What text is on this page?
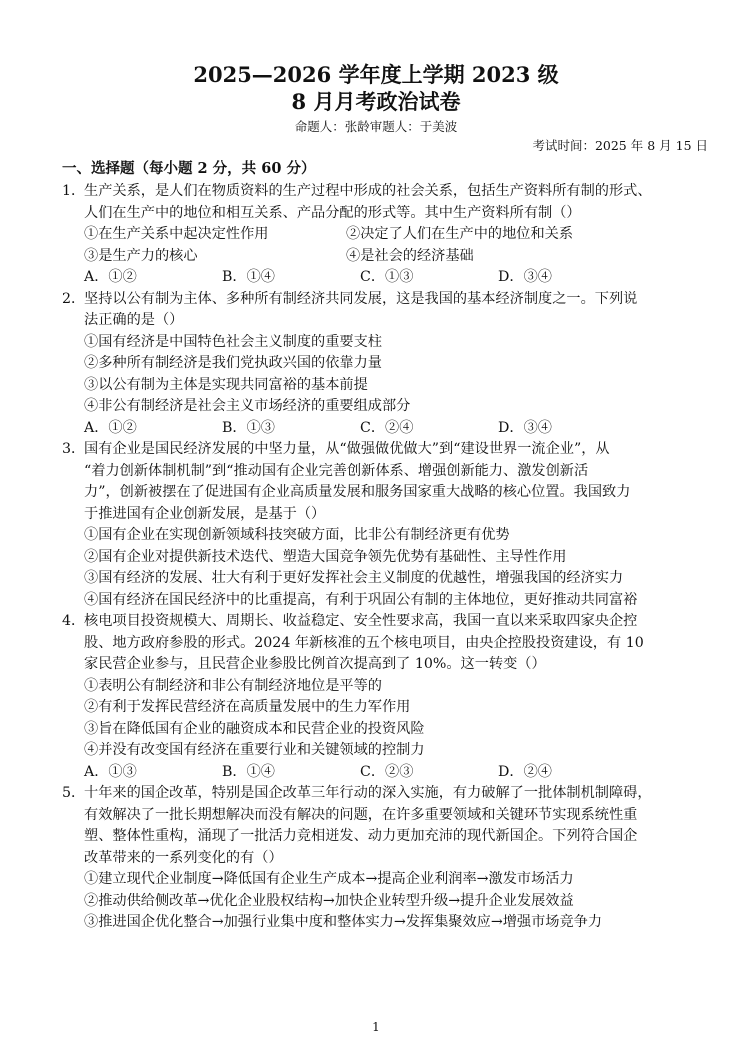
2025—2026 学年度上学期 2023 级
8 月月考政治试卷
命题人：张龄审题人：于美波
考试时间：2025 年 8 月 15 日
一、选择题（每小题 2 分，共 60 分）
1．
生产关系，是人们在物质资料的生产过程中形成的社会关系，包括生产资料所有制的形式、
人们在生产中的地位和相互关系、产品分配的形式等。其中生产资料所有制（）
①在生产关系中起决定性作用	②决定了人们在生产中的地位和关系
③是生产力的核心	④是社会的经济基础
A．①②	B．①④	C．①③	D．③④
2．
坚持以公有制为主体、多种所有制经济共同发展，这是我国的基本经济制度之一。下列说
法正确的是（）
①国有经济是中国特色社会主义制度的重要支柱
②多种所有制经济是我们党执政兴国的依靠力量
③以公有制为主体是实现共同富裕的基本前提
④非公有制经济是社会主义市场经济的重要组成部分
A．①②	B．①③	C．②④	D．③④
3．
国有企业是国民经济发展的中坚力量，从“做强做优做大”到“建设世界一流企业”，从
“着力创新体制机制”到“推动国有企业完善创新体系、增强创新能力、激发创新活
力”，创新被摆在了促进国有企业高质量发展和服务国家重大战略的核心位置。我国致力
于推进国有企业创新发展，是基于（）
①国有企业在实现创新领域科技突破方面，比非公有制经济更有优势
②国有企业对提供新技术迭代、塑造大国竞争领先优势有基础性、主导性作用
③国有经济的发展、壮大有利于更好发挥社会主义制度的优越性，增强我国的经济实力
④国有经济在国民经济中的比重提高，有利于巩固公有制的主体地位，更好推动共同富裕
4．
核电项目投资规模大、周期长、收益稳定、安全性要求高，我国一直以来采取四家央企控
股、地方政府参股的形式。2024 年新核准的五个核电项目，由央企控股投资建设，有 10
家民营企业参与，且民营企业参股比例首次提高到了 10%。这一转变（）
①表明公有制经济和非公有制经济地位是平等的
②有利于发挥民营经济在高质量发展中的生力军作用
③旨在降低国有企业的融资成本和民营企业的投资风险
④并没有改变国有经济在重要行业和关键领域的控制力
A．①③	B．①④	C．②③	D．②④
5．
十年来的国企改革，特别是国企改革三年行动的深入实施，有力破解了一批体制机制障碍，
有效解决了一批长期想解决而没有解决的问题，在许多重要领域和关键环节实现系统性重
塑、整体性重构，涌现了一批活力竞相迸发、动力更加充沛的现代新国企。下列符合国企
改革带来的一系列变化的有（）
①建立现代企业制度→降低国有企业生产成本→提高企业利润率→激发市场活力
②推动供给侧改革→优化企业股权结构→加快企业转型升级→提升企业发展效益
③推进国企优化整合→加强行业集中度和整体实力→发挥集聚效应→增强市场竞争力
1
